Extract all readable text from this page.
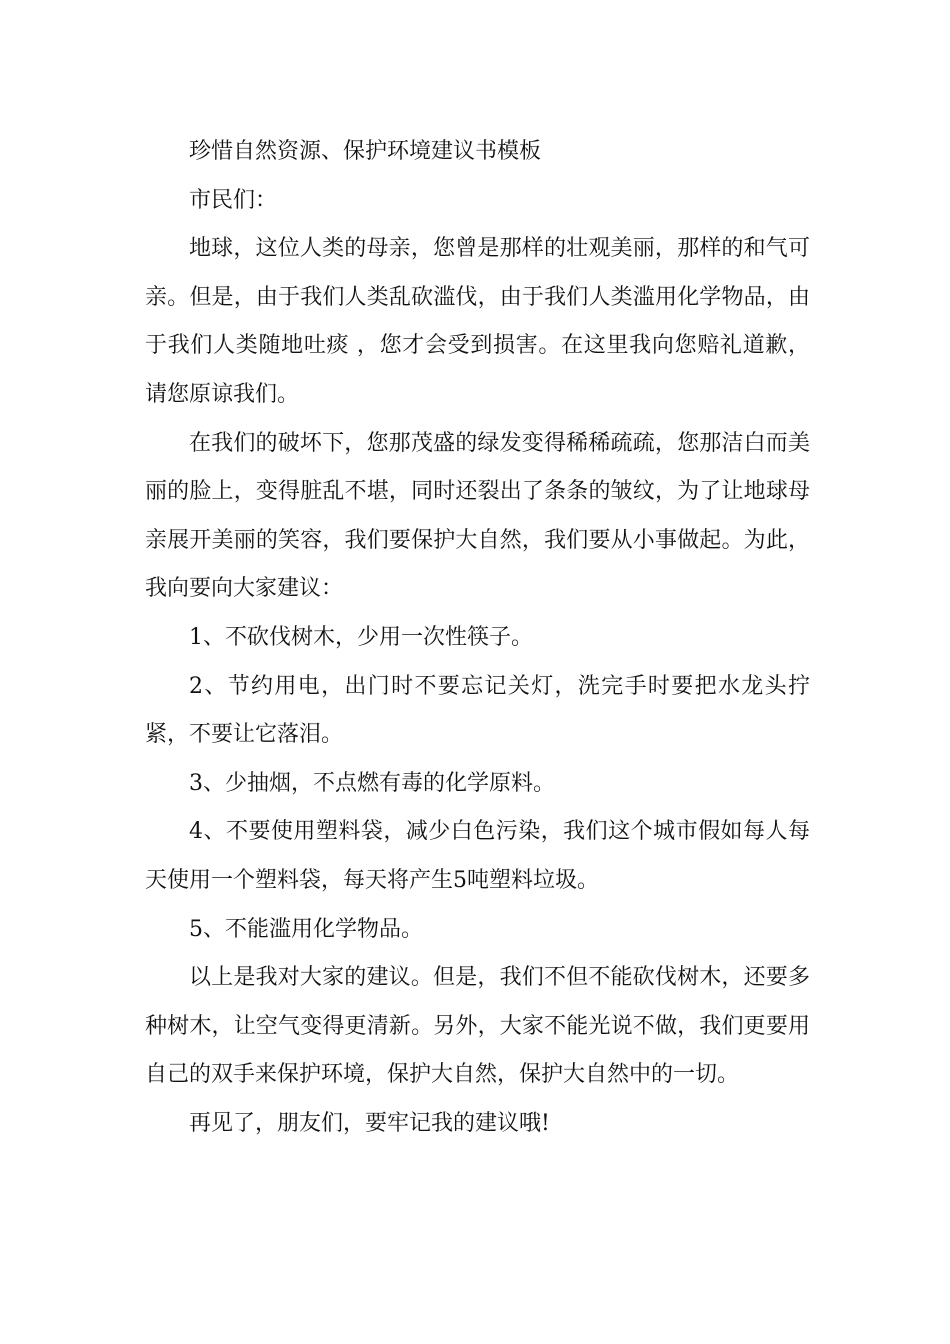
珍惜自然资源、保护环境建议书模板

市民们：

地球，这位人类的母亲，您曾是那样的壮观美丽，那样的和气可亲。但是，由于我们人类乱砍滥伐，由于我们人类滥用化学物品，由于我们人类随地吐痰 ，您才会受到损害。在这里我向您赔礼道歉，请您原谅我们。

在我们的破坏下，您那茂盛的绿发变得稀稀疏疏，您那洁白而美丽的脸上，变得脏乱不堪，同时还裂出了条条的皱纹，为了让地球母亲展开美丽的笑容，我们要保护大自然，我们要从小事做起。为此，我向要向大家建议：

1、不砍伐树木，少用一次性筷子。

2、节约用电，出门时不要忘记关灯，洗完手时要把水龙头拧紧，不要让它落泪。

3、少抽烟，不点燃有毒的化学原料。

4、不要使用塑料袋，减少白色污染，我们这个城市假如每人每天使用一个塑料袋，每天将产生5吨塑料垃圾。

5、不能滥用化学物品。

以上是我对大家的建议。但是，我们不但不能砍伐树木，还要多种树木，让空气变得更清新。另外，大家不能光说不做，我们更要用自己的双手来保护环境，保护大自然，保护大自然中的一切。

再见了，朋友们，要牢记我的建议哦!
